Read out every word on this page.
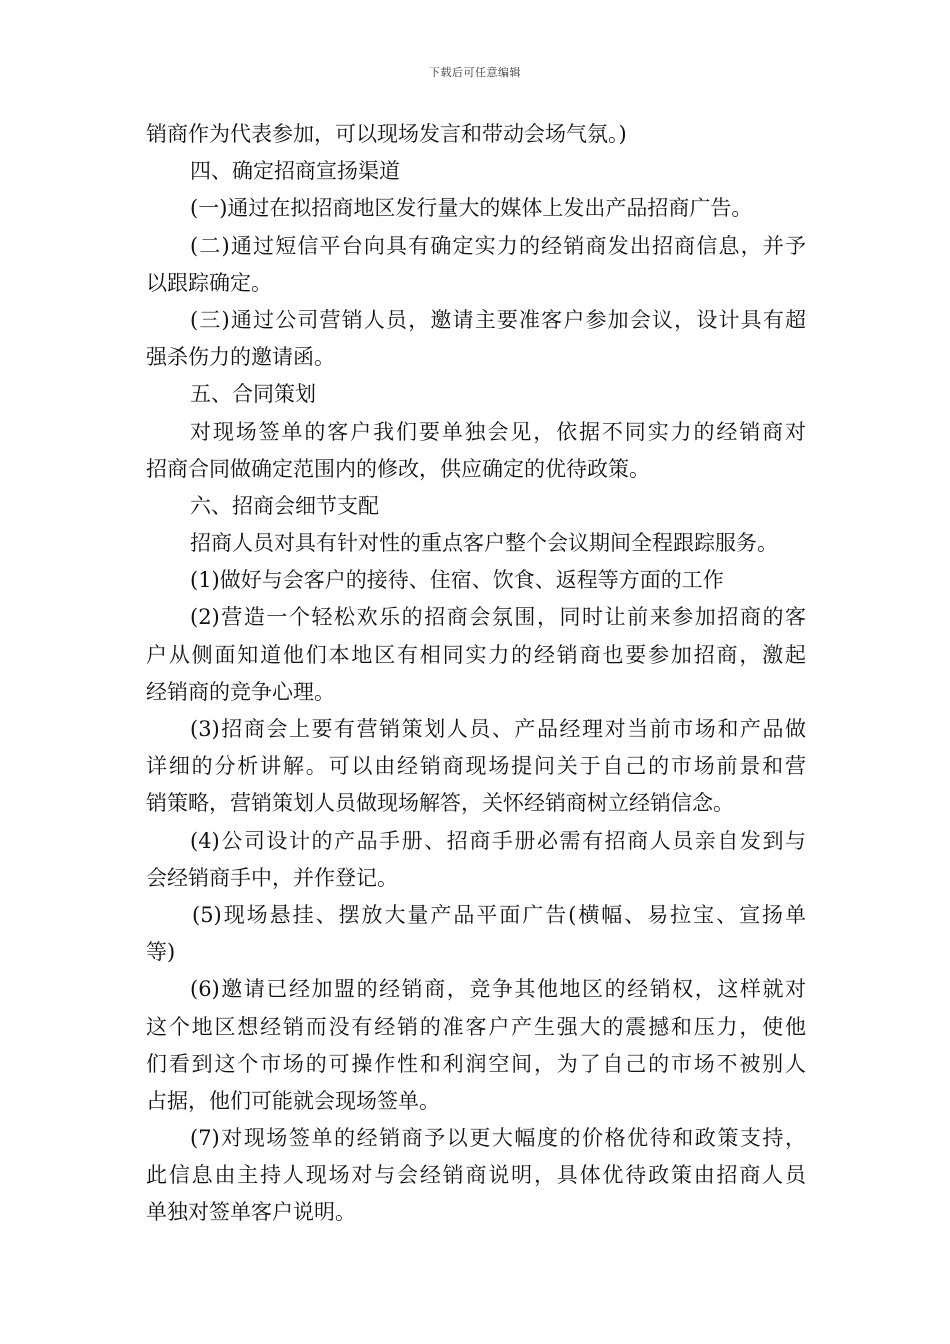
下载后可任意编辑
销商作为代表参加，可以现场发言和带动会场气氛。)
四、确定招商宣扬渠道
(一)通过在拟招商地区发行量大的媒体上发出产品招商广告。
(二)通过短信平台向具有确定实力的经销商发出招商信息，并予
以跟踪确定。
(三)通过公司营销人员，邀请主要准客户参加会议，设计具有超
强杀伤力的邀请函。
五、合同策划
对现场签单的客户我们要单独会见，依据不同实力的经销商对
招商合同做确定范围内的修改，供应确定的优待政策。
六、招商会细节支配
招商人员对具有针对性的重点客户整个会议期间全程跟踪服务。
(1)做好与会客户的接待、住宿、饮食、返程等方面的工作
(2)营造一个轻松欢乐的招商会氛围，同时让前来参加招商的客
户从侧面知道他们本地区有相同实力的经销商也要参加招商，激起
经销商的竞争心理。
(3)招商会上要有营销策划人员、产品经理对当前市场和产品做
详细的分析讲解。可以由经销商现场提问关于自己的市场前景和营
销策略，营销策划人员做现场解答，关怀经销商树立经销信念。
(4)公司设计的产品手册、招商手册必需有招商人员亲自发到与
会经销商手中，并作登记。
(5)现场悬挂、摆放大量产品平面广告(横幅、易拉宝、宣扬单
等)
(6)邀请已经加盟的经销商，竞争其他地区的经销权，这样就对
这个地区想经销而没有经销的准客户产生强大的震撼和压力，使他
们看到这个市场的可操作性和利润空间，为了自己的市场不被别人
占据，他们可能就会现场签单。
(7)对现场签单的经销商予以更大幅度的价格优待和政策支持，
此信息由主持人现场对与会经销商说明，具体优待政策由招商人员
单独对签单客户说明。
